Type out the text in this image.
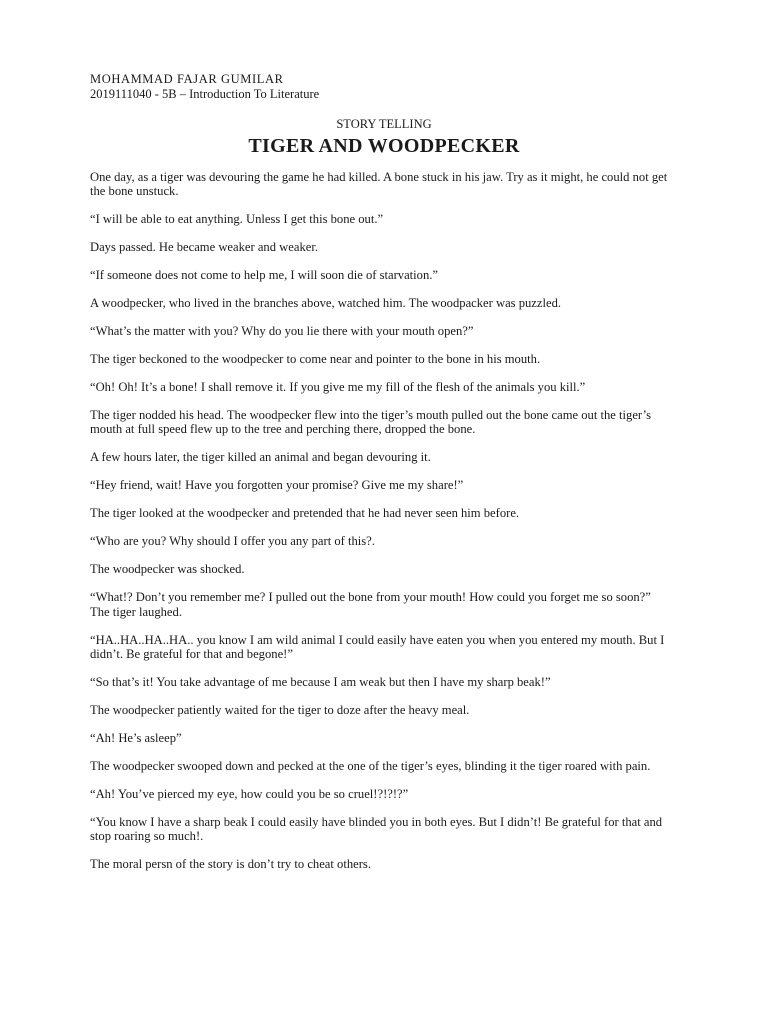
MOHAMMAD FAJAR GUMILAR

2019111040 - 5B – Introduction To Literature

STORY TELLING

TIGER AND WOODPECKER

One day, as a tiger was devouring the game he had killed. A bone stuck in his jaw. Try as it might, he could not get the bone unstuck.

“I will be able to eat anything. Unless I get this bone out.”

Days passed. He became weaker and weaker.

“If someone does not come to help me, I will soon die of starvation.”

A woodpecker, who lived in the branches above, watched him. The woodpacker was puzzled.

“What’s the matter with you? Why do you lie there with your mouth open?”

The tiger beckoned to the woodpecker to come near and pointer to the bone in his mouth.

“Oh! Oh! It’s a bone! I shall remove it. If you give me my fill of the flesh of the animals you kill.”

The tiger nodded his head. The woodpecker flew into the tiger’s mouth pulled out the bone came out the tiger’s mouth at full speed flew up to the tree and perching there, dropped the bone.

A few hours later, the tiger killed an animal and began devouring it.

“Hey friend, wait! Have you forgotten your promise? Give me my share!”

The tiger looked at the woodpecker and pretended that he had never seen him before.

“Who are you? Why should I offer you any part of this?.

The woodpecker was shocked.

“What!? Don’t you remember me? I pulled out the bone from your mouth! How could you forget me so soon?”

The tiger laughed.

“HA..HA..HA..HA.. you know I am wild animal I could easily have eaten you when you entered my mouth. But I didn’t. Be grateful for that and begone!”

“So that’s it! You take advantage of me because I am weak but then I have my sharp beak!”

The woodpecker patiently waited for the tiger to doze after the heavy meal.

“Ah! He’s asleep”

The woodpecker swooped down and pecked at the one of the tiger’s eyes, blinding it the tiger roared with pain.

“Ah! You’ve pierced my eye, how could you be so cruel!?!?!?”

“You know I have a sharp beak I could easily have blinded you in both eyes. But I didn’t! Be grateful for that and stop roaring so much!.

The moral persn of the story is don’t try to cheat others.
